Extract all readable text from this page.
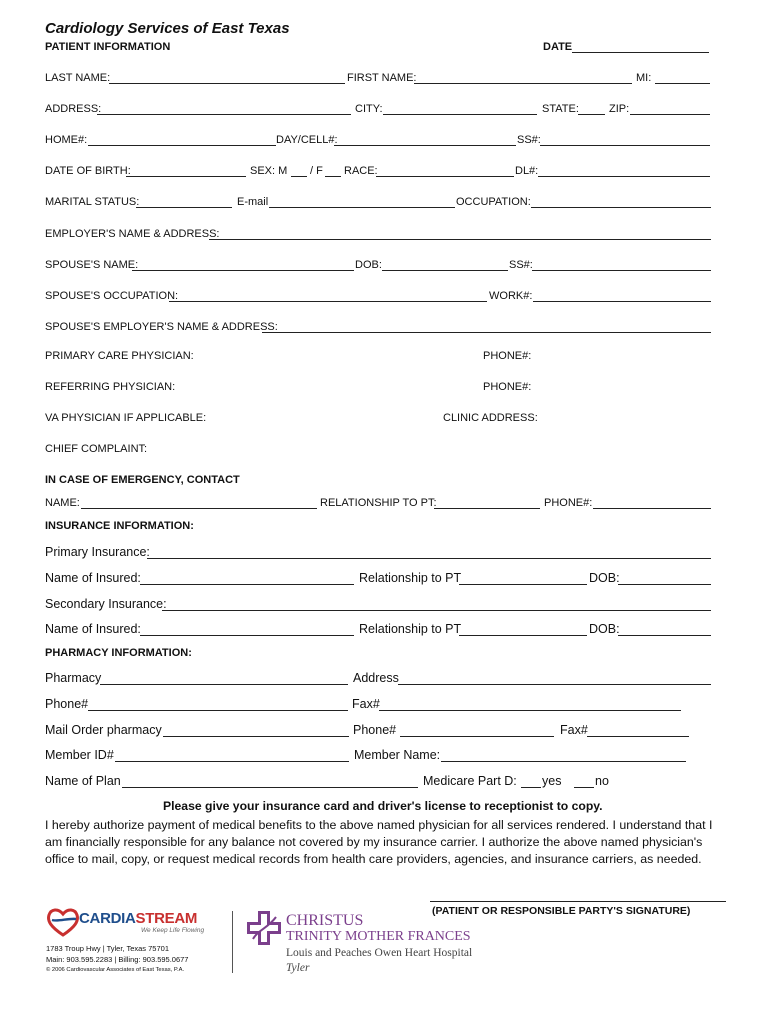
Cardiology Services of East Texas
PATIENT INFORMATION	DATE
LAST NAME:	FIRST NAME:	MI:
ADDRESS:	CITY:	STATE:	ZIP:
HOME#:	DAY/CELL#:	SS#:
DATE OF BIRTH:	SEX: M / F RACE:	DL#:
MARITAL STATUS:	E-mail	OCCUPATION:
EMPLOYER'S NAME & ADDRESS:
SPOUSE'S NAME:	DOB:	SS#:
SPOUSE'S OCCUPATION:	WORK#:
SPOUSE'S EMPLOYER'S NAME & ADDRESS:
PRIMARY CARE PHYSICIAN:	PHONE#:
REFERRING PHYSICIAN:	PHONE#:
VA PHYSICIAN IF APPLICABLE:	CLINIC ADDRESS:
CHIEF COMPLAINT:
IN CASE OF EMERGENCY, CONTACT
NAME:	RELATIONSHIP TO PT:	PHONE#:
INSURANCE INFORMATION:
Primary Insurance:
Name of Insured:	Relationship to PT	DOB:
Secondary Insurance:
Name of Insured:	Relationship to PT	DOB:
PHARMACY INFORMATION:
Pharmacy	Address
Phone#	Fax#
Mail Order pharmacy	Phone#	Fax#
Member ID#	Member Name:
Name of Plan	Medicare Part D: yes	no
Please give your insurance card and driver's license to receptionist to copy.
I hereby authorize payment of medical benefits to the above named physician for all services rendered. I understand that I am financially responsible for any balance not covered by my insurance carrier. I authorize the above named physician's office to mail, copy, or request medical records from health care providers, agencies, and insurance carriers, as needed.
(PATIENT OR RESPONSIBLE PARTY'S SIGNATURE)
CARDIASTREAM
We Keep Life Flowing
1783 Troup Hwy | Tyler, Texas 75701
Main: 903.595.2283 | Billing: 903.595.0677
© 2006 Cardiovascular Associates of East Texas, P.A.
CHRISTUS
TRINITY MOTHER FRANCES
Louis and Peaches Owen Heart Hospital
Tyler
